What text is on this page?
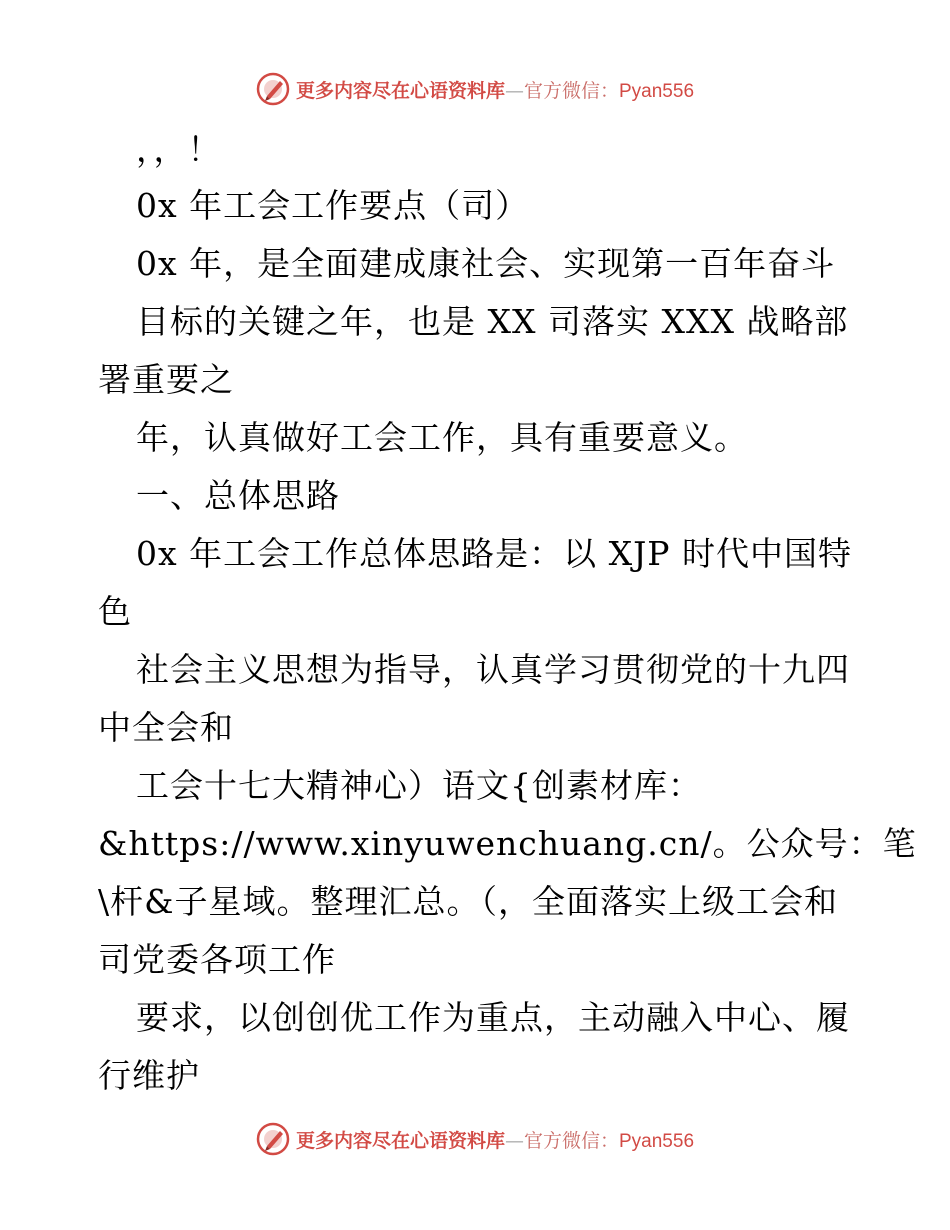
更多内容尽在心语资料库—官方微信：Pyan556
，，！
0x 年工会工作要点（司）
0x 年，是全面建成康社会、实现第一百年奋斗
目标的关键之年，也是 XX 司落实 XXX 战略部
署重要之
年，认真做好工会工作，具有重要意义。
一、总体思路
0x 年工会工作总体思路是：以 XJP 时代中国特
色
社会主义思想为指导，认真学习贯彻党的十九四
中全会和
工会十七大精神心）语文{创素材库：
&https://www.xinyuwenchuang.cn/。公众号：笔
\杆&子星域。整理汇总。（，全面落实上级工会和
司党委各项工作
要求，以创创优工作为重点，主动融入中心、履
行维护
更多内容尽在心语资料库—官方微信：Pyan556
